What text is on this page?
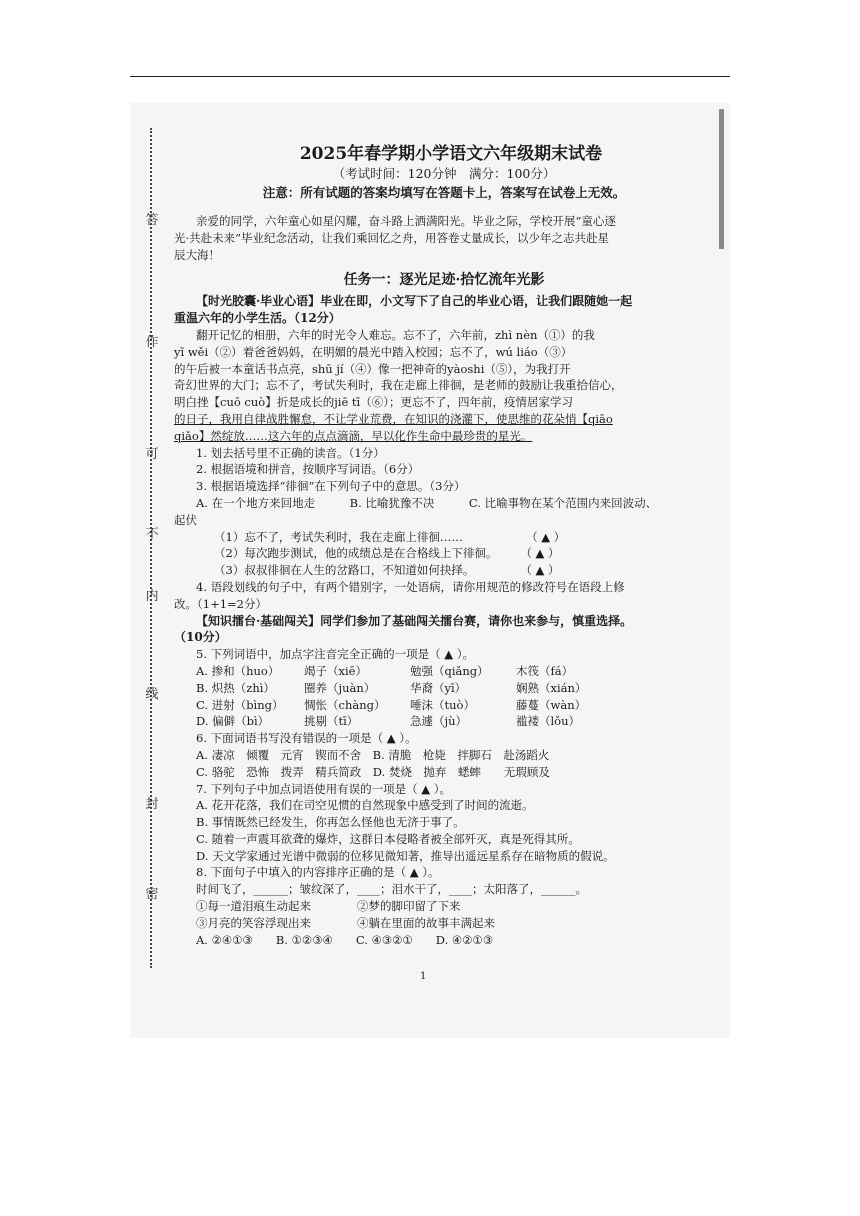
答
作
可
不
内
线
封
密
2025年春学期小学语文六年级期末试卷
（考试时间：120分钟　满分：100分）
注意：所有试题的答案均填写在答题卡上，答案写在试卷上无效。
亲爱的同学，六年童心如星闪耀，奋斗路上洒满阳光。毕业之际，学校开展“童心逐
光·共赴未来”毕业纪念活动，让我们乘回忆之舟，用答卷丈量成长，以少年之志共赴星
辰大海！
任务一：逐光足迹·拾忆流年光影
【时光胶囊·毕业心语】毕业在即，小文写下了自己的毕业心语，让我们跟随她一起
重温六年的小学生活。（12分）
翻开记忆的相册，六年的时光令人难忘。忘不了，六年前，zhì nèn（①）的我
yī wěi（②）着爸爸妈妈，在明媚的晨光中踏入校园；忘不了，wú liáo（③）
的午后被一本童话书点亮，shū jí（④）像一把神奇的yàoshi（⑤），为我打开
奇幻世界的大门；忘不了，考试失利时，我在走廊上徘徊，是老师的鼓励让我重拾信心，
明白挫【cuō cuò】折是成长的jiē tī（⑥）；更忘不了，四年前，疫情居家学习
的日子，我用自律战胜懈怠，不让学业荒费，在知识的浇灌下，使思维的花朵悄【qiāo
qiǎo】然绽放……这六年的点点滴滴，早以化作生命中最珍贵的星光。
1. 划去括号里不正确的读音。（1分）
2. 根据语境和拼音，按顺序写词语。（6分）
3. 根据语境选择“徘徊”在下列句子中的意思。（3分）
A. 在一个地方来回地走　　　B. 比喻犹豫不决　　　C. 比喻事物在某个范围内来回波动、
起伏
（1）忘不了，考试失利时，我在走廊上徘徊……　　　　　　（ ▲ ）
（2）每次跑步测试，他的成绩总是在合格线上下徘徊。　　　（ ▲ ）
（3）叔叔徘徊在人生的岔路口，不知道如何抉择。　　　　　（ ▲ ）
4. 语段划线的句子中，有两个错别字，一处语病，请你用规范的修改符号在语段上修
改。（1+1=2分）
【知识擂台·基础闯关】同学们参加了基础闯关擂台赛，请你也来参与，慎重选择。
（10分）
5. 下列词语中，加点字注音完全正确的一项是（ ▲ ）。
A. 掺和（huo） 竭子（xiē）	勉强（qiǎng） 木筏（fá）
B. 炽热（zhì）	圈养（juàn）	华裔（yī）	娴熟（xián）
C. 迸射（bìng） 惆怅（chàng） 唾沫（tuò）	藤蔓（wàn）
D. 偏僻（bì）	挑剔（tī）	急遽（jù）	褴褛（lǒu）
6. 下面词语书写没有错误的一项是（ ▲ ）。
A. 凄凉　倾覆　元宵　锲而不舍　B. 清脆　枪毙　拌脚石　赴汤蹈火
C. 骆驼　恐怖　拨弄　精兵简政　D. 焚烧　抛弃　蟋蟀　　无瑕顾及
7. 下列句子中加点词语使用有误的一项是（ ▲ ）。
A. 花开花落，我们在司空见惯的自然现象中感受到了时间的流逝。
B. 事情既然已经发生，你再怎么怪他也无济于事了。
C. 随着一声震耳欲聋的爆炸，这群日本侵略者被全部歼灭，真是死得其所。
D. 天文学家通过光谱中微弱的位移见微知著，推导出遥远星系存在暗物质的假说。
8. 下面句子中填入的内容排序正确的是（ ▲ ）。
时间飞了，______；皱纹深了，____；泪水干了，____；太阳落了，______。
①每一道泪痕生动起来　　　　②梦的脚印留了下来
③月亮的笑容浮现出来　　　　④躺在里面的故事丰满起来
A. ②④①③　　B. ①②③④　　C. ④③②①　　D. ④②①③
1
